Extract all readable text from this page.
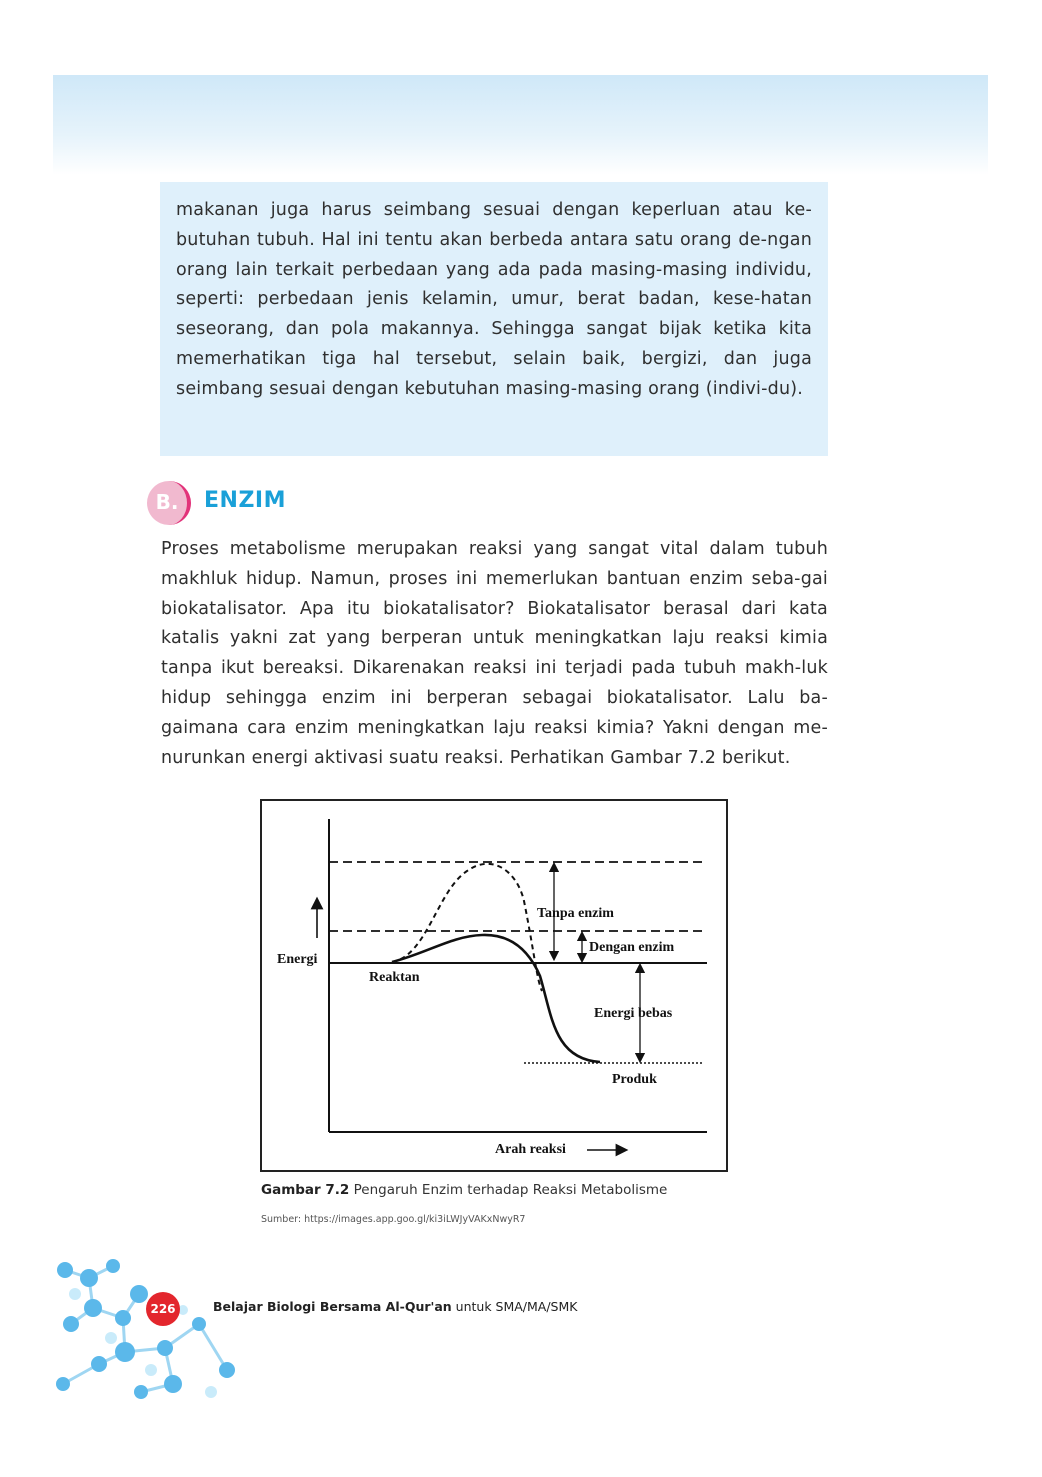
makanan juga harus seimbang sesuai dengan keperluan atau ke-butuhan tubuh. Hal ini tentu akan berbeda antara satu orang de-ngan orang lain terkait perbedaan yang ada pada masing-masing individu, seperti: perbedaan jenis kelamin, umur, berat badan, kese-hatan seseorang, dan pola makannya. Sehingga sangat bijak ketika kita memerhatikan tiga hal tersebut, selain baik, bergizi, dan juga seimbang sesuai dengan kebutuhan masing-masing orang (indivi-du).

B.	ENZIM

Proses metabolisme merupakan reaksi yang sangat vital dalam tubuh makhluk hidup. Namun, proses ini memerlukan bantuan enzim seba-gai biokatalisator. Apa itu biokatalisator? Biokatalisator berasal dari kata katalis yakni zat yang berperan untuk meningkatkan laju reaksi kimia tanpa ikut bereaksi. Dikarenakan reaksi ini terjadi pada tubuh makh-luk hidup sehingga enzim ini berperan sebagai biokatalisator. Lalu ba-gaimana cara enzim meningkatkan laju reaksi kimia? Yakni dengan me-nurunkan energi aktivasi suatu reaksi. Perhatikan Gambar 7.2 berikut.

Energi
Reaktan
Tanpa enzim
Dengan enzim
Energi bebas
Produk
Arah reaksi

Gambar 7.2 Pengaruh Enzim terhadap Reaksi Metabolisme

Sumber: https://images.app.goo.gl/ki3iLWJyVAKxNwyR7

226	Belajar Biologi Bersama Al-Qur'an untuk SMA/MA/SMK
